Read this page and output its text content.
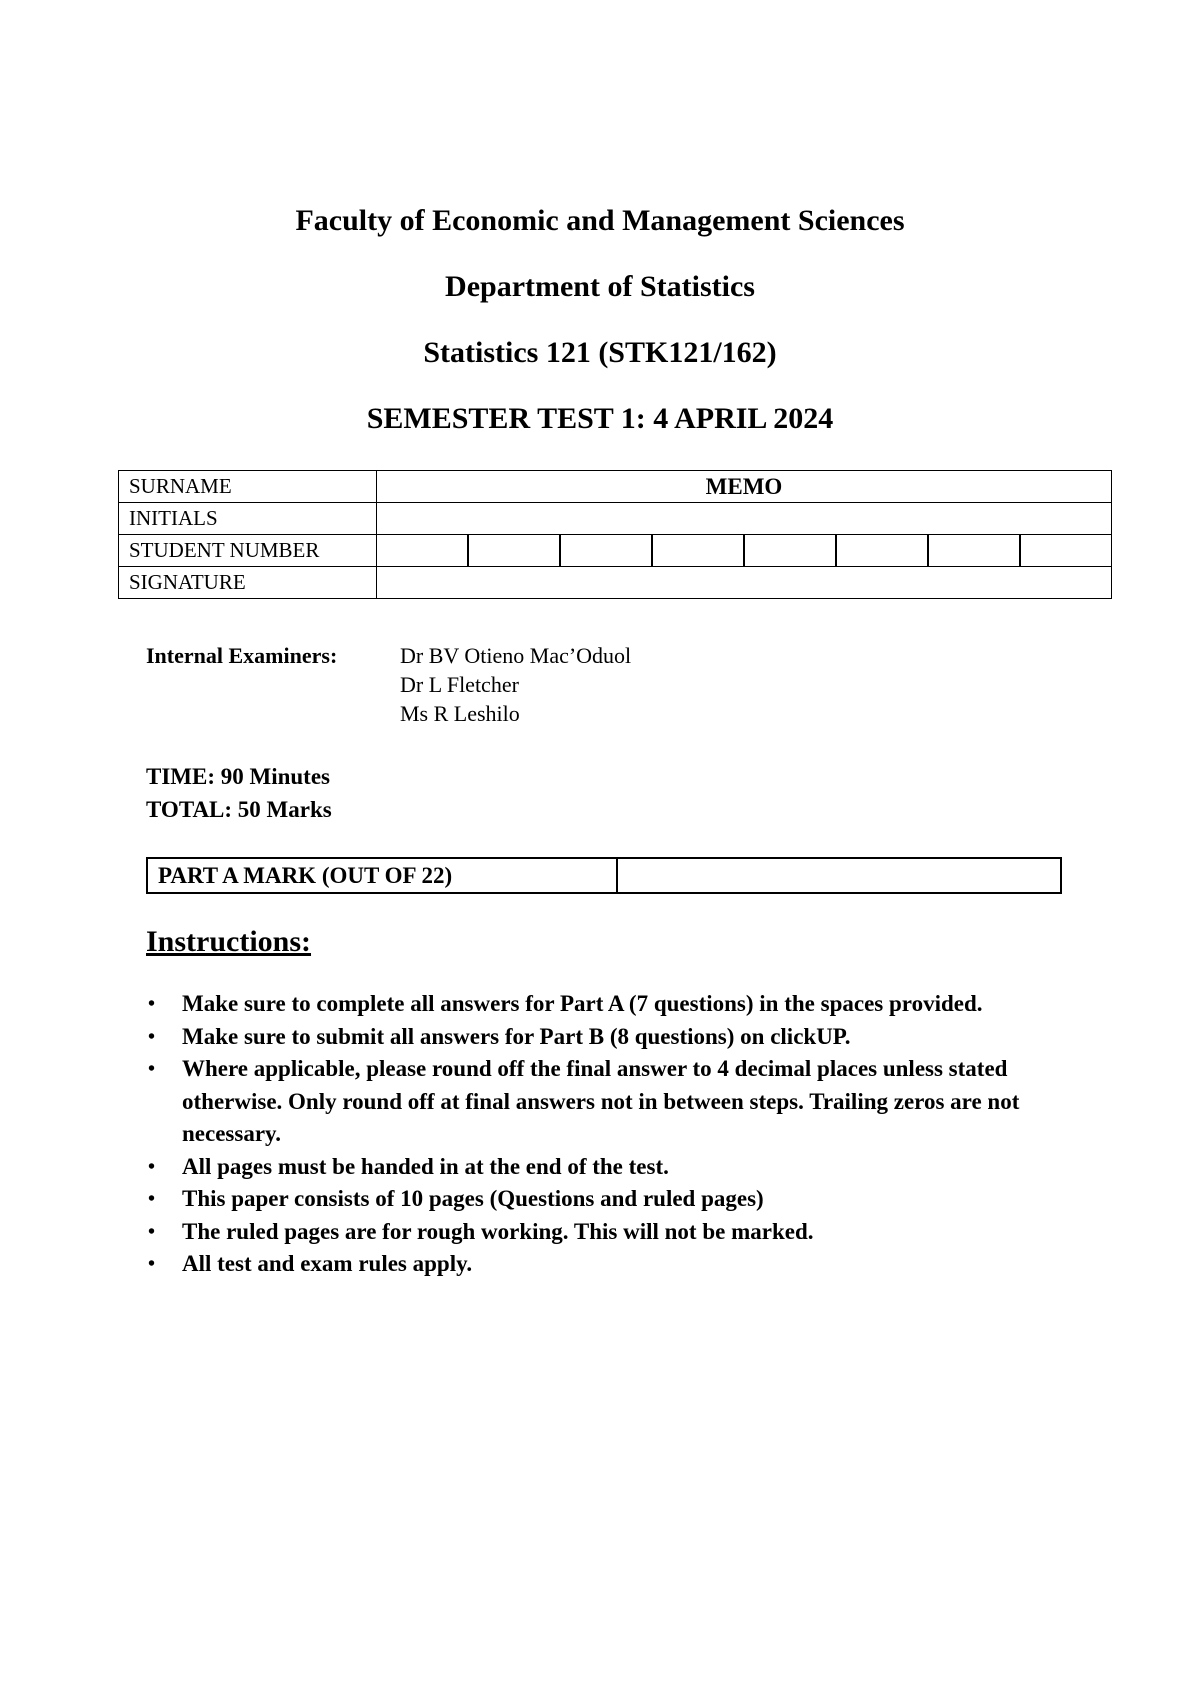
Faculty of Economic and Management Sciences
Department of Statistics
Statistics 121 (STK121/162)
SEMESTER TEST 1: 4 APRIL 2024
SURNAME	MEMO
INITIALS	
STUDENT NUMBER	

SIGNATURE	
Internal Examiners:	Dr BV Otieno Mac’Oduol
Dr L Fletcher
Ms R Leshilo
TIME: 90 Minutes
TOTAL: 50 Marks
PART A MARK (OUT OF 22)	
Instructions:
• Make sure to complete all answers for Part A (7 questions) in the spaces provided.
• Make sure to submit all answers for Part B (8 questions) on clickUP.
• Where applicable, please round off the final answer to 4 decimal places unless stated otherwise. Only round off at final answers not in between steps. Trailing zeros are not necessary.
• All pages must be handed in at the end of the test.
• This paper consists of 10 pages (Questions and ruled pages)
• The ruled pages are for rough working. This will not be marked.
• All test and exam rules apply.
